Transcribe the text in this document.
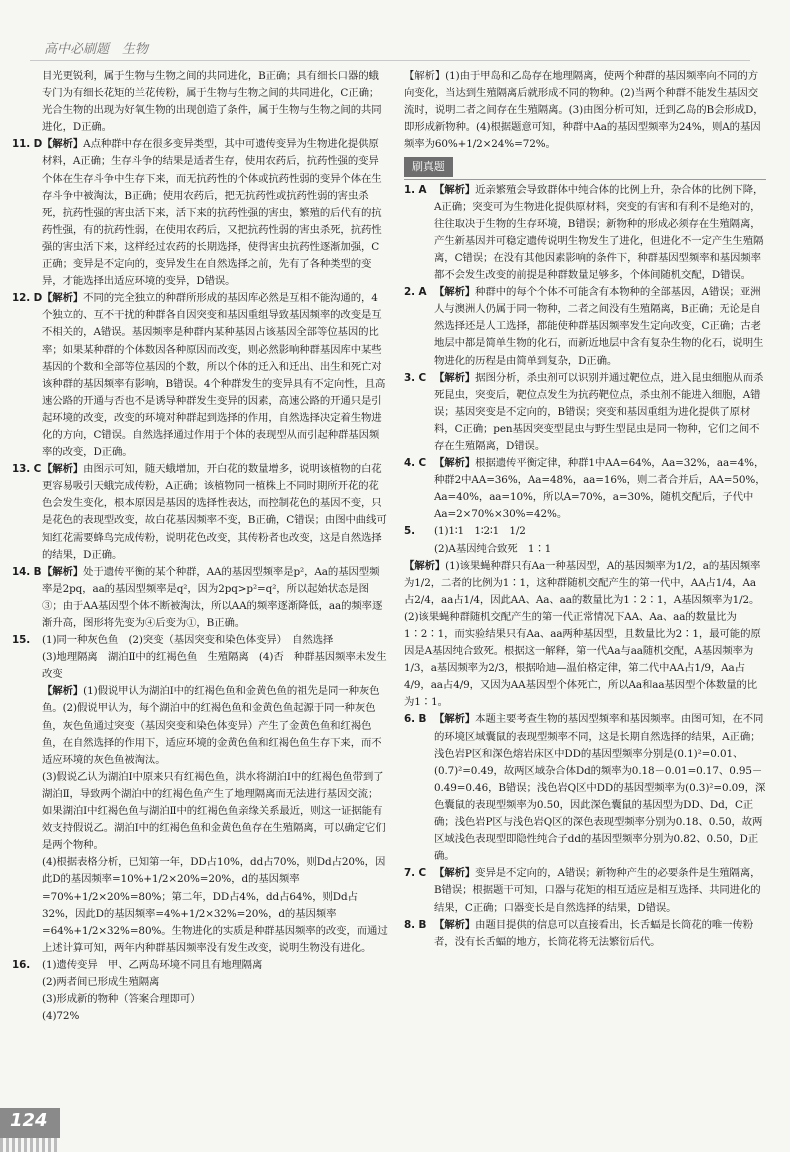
高中必刷题　生物
目光更锐利，属于生物与生物之间的共同进化，B正确；具有细长口器的蛾专门为有细长花矩的兰花传粉，属于生物与生物之间的共同进化，C正确；光合生物的出现为好氧生物的出现创造了条件，属于生物与生物之间的共同进化，D正确。
11. D 【解析】A点种群中存在很多变异类型，其中可遗传变异为生物进化提供原材料，A正确；生存斗争的结果是适者生存，使用农药后，抗药性强的变异个体在生存斗争中生存下来，而无抗药性的个体或抗药性弱的变异个体在生存斗争中被淘汰，B正确；使用农药后，把无抗药性或抗药性弱的害虫杀死，抗药性强的害虫活下来，活下来的抗药性强的害虫，繁殖的后代有的抗药性强，有的抗药性弱，在使用农药后，又把抗药性弱的害虫杀死，抗药性强的害虫活下来，这样经过农药的长期选择，使得害虫抗药性逐渐加强，C正确；变异是不定向的，变异发生在自然选择之前，先有了各种类型的变异，才能选择出适应环境的变异，D错误。
12. D 【解析】不同的完全独立的种群所形成的基因库必然是互相不能沟通的，4个独立的、互不干扰的种群各自因突变和基因重组导致基因频率的改变是互不相关的，A错误。基因频率是种群内某种基因占该基因全部等位基因的比率；如果某种群的个体数因各种原因而改变，则必然影响种群基因库中某些基因的个数和全部等位基因的个数，所以个体的迁入和迁出、出生和死亡对该种群的基因频率有影响，B错误。4个种群发生的变异具有不定向性，且高速公路的开通与否也不是诱导种群发生变异的因素，高速公路的开通只是引起环境的改变，改变的环境对种群起到选择的作用，自然选择决定着生物进化的方向，C错误。自然选择通过作用于个体的表现型从而引起种群基因频率的改变，D正确。
13. C 【解析】由图示可知，随天蛾增加，开白花的数量增多，说明该植物的白花更容易吸引天蛾完成传粉，A正确；该植物同一植株上不同时期所开花的花色会发生变化，根本原因是基因的选择性表达，而控制花色的基因不变，只是花色的表现型改变，故白花基因频率不变，B正确，C错误；由图中曲线可知红花需要蜂鸟完成传粉，说明花色改变，其传粉者也改变，这是自然选择的结果，D正确。
14. B 【解析】处于遗传平衡的某个种群，AA的基因型频率是p²，Aa的基因型频率是2pq，aa的基因型频率是q²，因为2pq>p²=q²，所以起始状态是图③；由于AA基因型个体不断被淘汰，所以AA的频率逐渐降低，aa的频率逐渐升高，图形将先变为④后变为①，B正确。
15. (1)同一种灰色鱼　(2)突变（基因突变和染色体变异）　自然选择
(3)地理隔离　湖泊Ⅱ中的红褐色鱼　生殖隔离　(4)否　种群基因频率未发生改变
【解析】(1)假说甲认为湖泊Ⅰ中的红褐色鱼和金黄色鱼的祖先是同一种灰色鱼。(2)假说甲认为，每个湖泊中的红褐色鱼和金黄色鱼起源于同一种灰色鱼，灰色鱼通过突变（基因突变和染色体变异）产生了金黄色鱼和红褐色鱼，在自然选择的作用下，适应环境的金黄色鱼和红褐色鱼生存下来，而不适应环境的灰色鱼被淘汰。
(3)假说乙认为湖泊Ⅰ中原来只有红褐色鱼，洪水将湖泊Ⅰ中的红褐色鱼带到了湖泊Ⅱ，导致两个湖泊中的红褐色鱼产生了地理隔离而无法进行基因交流；如果湖泊Ⅰ中红褐色鱼与湖泊Ⅱ中的红褐色鱼亲缘关系最近，则这一证据能有效支持假说乙。湖泊Ⅰ中的红褐色鱼和金黄色鱼存在生殖隔离，可以确定它们是两个物种。
(4)根据表格分析，已知第一年，DD占10%，dd占70%，则Dd占20%，因此D的基因频率=10%+1/2×20%=20%，d的基因频率=70%+1/2×20%=80%；第二年，DD占4%，dd占64%，则Dd占32%，因此D的基因频率=4%+1/2×32%=20%，d的基因频率=64%+1/2×32%=80%。生物进化的实质是种群基因频率的改变，而通过上述计算可知，两年内种群基因频率没有发生改变，说明生物没有进化。
16. (1)遗传变异　甲、乙两岛环境不同且有地理隔离
(2)两者间已形成生殖隔离
(3)形成新的物种（答案合理即可）
(4)72%
【解析】(1)由于甲岛和乙岛存在地理隔离，使两个种群的基因频率向不同的方向变化，当达到生殖隔离后就形成不同的物种。(2)当两个种群不能发生基因交流时，说明二者之间存在生殖隔离。(3)由图分析可知，迁到乙岛的B会形成D，即形成新物种。(4)根据题意可知，种群中Aa的基因型频率为24%，则A的基因频率为60%+1/2×24%=72%。
刷真题
1. A 【解析】近亲繁殖会导致群体中纯合体的比例上升，杂合体的比例下降，A正确；突变可为生物进化提供原材料，突变的有害和有利不是绝对的，往往取决于生物的生存环境，B错误；新物种的形成必须存在生殖隔离，产生新基因并可稳定遗传说明生物发生了进化，但进化不一定产生生殖隔离，C错误；在没有其他因素影响的条件下，种群基因型频率和基因频率都不会发生改变的前提是种群数量足够多，个体间随机交配，D错误。
2. A 【解析】种群中的每个个体不可能含有本物种的全部基因，A错误；亚洲人与澳洲人仍属于同一物种，二者之间没有生殖隔离，B正确；无论是自然选择还是人工选择，都能使种群基因频率发生定向改变，C正确；古老地层中都是简单生物的化石，而新近地层中含有复杂生物的化石，说明生物进化的历程是由简单到复杂，D正确。
3. C 【解析】据图分析，杀虫剂可以识别并通过靶位点，进入昆虫细胞从而杀死昆虫，突变后，靶位点发生为抗药靶位点，杀虫剂不能进入细胞，A错误；基因突变是不定向的，B错误；突变和基因重组为进化提供了原材料，C正确；pen基因突变型昆虫与野生型昆虫是同一物种，它们之间不存在生殖隔离，D错误。
4. C 【解析】根据遗传平衡定律，种群1中AA=64%，Aa=32%，aa=4%，种群2中AA=36%，Aa=48%，aa=16%，则二者合并后，AA=50%，Aa=40%，aa=10%，所以A=70%，a=30%，随机交配后，子代中Aa=2×70%×30%=42%。
5. (1)1∶1　1∶2∶1　1/2
(2)A基因纯合致死　1∶1
【解析】(1)该果蝇种群只有Aa一种基因型，A的基因频率为1/2，a的基因频率为1/2，二者的比例为1∶1，这种群随机交配产生的第一代中，AA占1/4，Aa占2/4，aa占1/4，因此AA、Aa、aa的数量比为1∶2∶1，A基因频率为1/2。(2)该果蝇种群随机交配产生的第一代正常情况下AA、Aa、aa的数量比为1∶2∶1，而实验结果只有Aa、aa两种基因型，且数量比为2∶1，最可能的原因是A基因纯合致死。根据这一解释，第一代Aa与aa随机交配，A基因频率为1/3，a基因频率为2/3，根据哈迪—温伯格定律，第二代中AA占1/9，Aa占4/9，aa占4/9，又因为AA基因型个体死亡，所以Aa和aa基因型个体数量的比为1∶1。
6. B 【解析】本题主要考查生物的基因型频率和基因频率。由图可知，在不同的环境区域囊鼠的表现型频率不同，这是长期自然选择的结果，A正确；浅色岩P区和深色熔岩床区中DD的基因型频率分别是(0.1)²=0.01、(0.7)²=0.49，故两区域杂合体Dd的频率为0.18－0.01=0.17、0.95－0.49=0.46，B错误；浅色岩Q区中DD的基因型频率为(0.3)²=0.09，深色囊鼠的表现型频率为0.50，因此深色囊鼠的基因型为DD、Dd，C正确；浅色岩P区与浅色岩Q区的深色表现型频率分别为0.18、0.50，故两区域浅色表现型即隐性纯合子dd的基因型频率分别为0.82、0.50，D正确。
7. C 【解析】变异是不定向的，A错误；新物种产生的必要条件是生殖隔离，B错误；根据题干可知，口器与花矩的相互适应是相互选择、共同进化的结果，C正确；口器变长是自然选择的结果，D错误。
8. B 【解析】由题目提供的信息可以直接看出，长舌蝠是长筒花的唯一传粉者，没有长舌蝠的地方，长筒花将无法繁衍后代。
124
